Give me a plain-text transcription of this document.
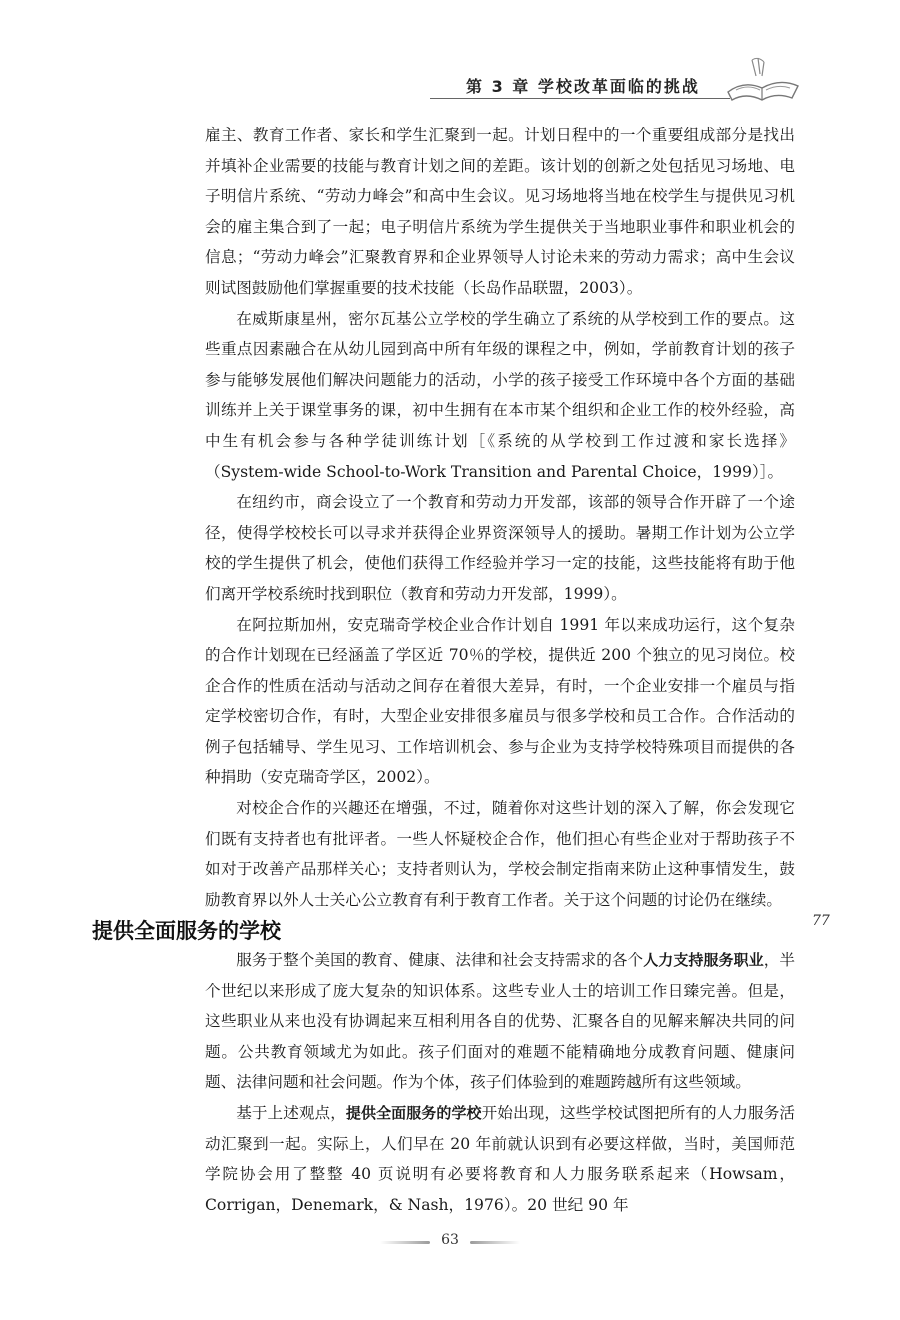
第 3 章 学校改革面临的挑战

雇主、教育工作者、家长和学生汇聚到一起。计划日程中的一个重要组成部分是找出并填补企业需要的技能与教育计划之间的差距。该计划的创新之处包括见习场地、电子明信片系统、“劳动力峰会”和高中生会议。见习场地将当地在校学生与提供见习机会的雇主集合到了一起；电子明信片系统为学生提供关于当地职业事件和职业机会的信息；“劳动力峰会”汇聚教育界和企业界领导人讨论未来的劳动力需求；高中生会议则试图鼓励他们掌握重要的技术技能（长岛作品联盟，2003）。

在威斯康星州，密尔瓦基公立学校的学生确立了系统的从学校到工作的要点。这些重点因素融合在从幼儿园到高中所有年级的课程之中，例如，学前教育计划的孩子参与能够发展他们解决问题能力的活动，小学的孩子接受工作环境中各个方面的基础训练并上关于课堂事务的课，初中生拥有在本市某个组织和企业工作的校外经验，高中生有机会参与各种学徒训练计划［《系统的从学校到工作过渡和家长选择》（System-wide School-to-Work Transition and Parental Choice，1999）］。

在纽约市，商会设立了一个教育和劳动力开发部，该部的领导合作开辟了一个途径，使得学校校长可以寻求并获得企业界资深领导人的援助。暑期工作计划为公立学校的学生提供了机会，使他们获得工作经验并学习一定的技能，这些技能将有助于他们离开学校系统时找到职位（教育和劳动力开发部，1999）。

在阿拉斯加州，安克瑞奇学校企业合作计划自 1991 年以来成功运行，这个复杂的合作计划现在已经涵盖了学区近 70％的学校，提供近 200 个独立的见习岗位。校企合作的性质在活动与活动之间存在着很大差异，有时，一个企业安排一个雇员与指定学校密切合作，有时，大型企业安排很多雇员与很多学校和员工合作。合作活动的例子包括辅导、学生见习、工作培训机会、参与企业为支持学校特殊项目而提供的各种捐助（安克瑞奇学区，2002）。

对校企合作的兴趣还在增强，不过，随着你对这些计划的深入了解，你会发现它们既有支持者也有批评者。一些人怀疑校企合作，他们担心有些企业对于帮助孩子不如对于改善产品那样关心；支持者则认为，学校会制定指南来防止这种事情发生，鼓励教育界以外人士关心公立教育有利于教育工作者。关于这个问题的讨论仍在继续。

提供全面服务的学校	77

服务于整个美国的教育、健康、法律和社会支持需求的各个人力支持服务职业，半个世纪以来形成了庞大复杂的知识体系。这些专业人士的培训工作日臻完善。但是，这些职业从来也没有协调起来互相利用各自的优势、汇聚各自的见解来解决共同的问题。公共教育领域尤为如此。孩子们面对的难题不能精确地分成教育问题、健康问题、法律问题和社会问题。作为个体，孩子们体验到的难题跨越所有这些领域。

基于上述观点，提供全面服务的学校开始出现，这些学校试图把所有的人力服务活动汇聚到一起。实际上，人们早在 20 年前就认识到有必要这样做，当时，美国师范学院协会用了整整 40 页说明有必要将教育和人力服务联系起来（Howsam，Corrigan，Denemark，& Nash，1976）。20 世纪 90 年

63
